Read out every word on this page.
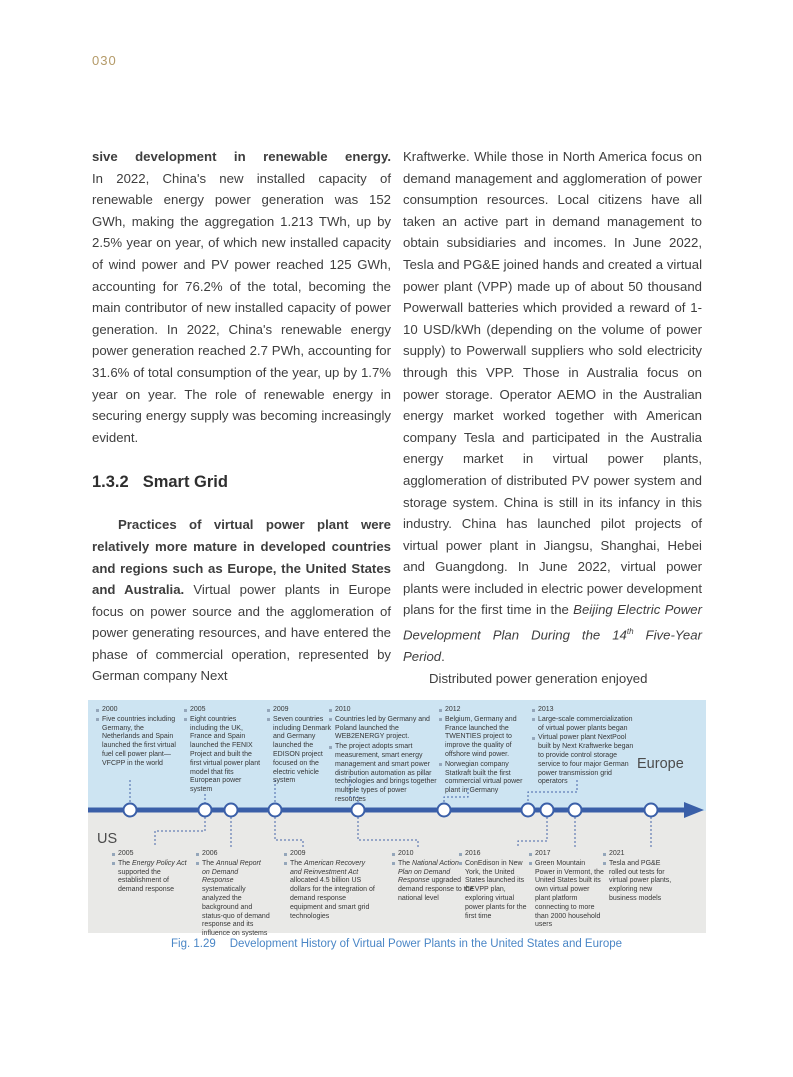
030

sive development in renewable energy.
In 2022, China's new installed capacity of renewable energy power generation was 152 GWh, making the aggregation 1.213 TWh, up by 2.5% year on year, of which new installed capacity of wind power and PV power reached 125 GWh, accounting for 76.2% of the total, becoming the main contributor of new installed capacity of power generation. In 2022, China's renewable energy power generation reached 2.7 PWh, accounting for 31.6% of total consumption of the year, up by 1.7% year on year. The role of renewable energy in securing energy supply was becoming increasingly evident.

1.3.2 Smart Grid

Practices of virtual power plant were relatively more mature in developed countries and regions such as Europe, the United States and Australia. Virtual power plants in Europe focus on power source and the agglomeration of power generating resources, and have entered the phase of commercial operation, represented by German company Next

Kraftwerke. While those in North America focus on demand management and agglomeration of power consumption resources. Local citizens have all taken an active part in demand management to obtain subsidiaries and incomes. In June 2022, Tesla and PG&E joined hands and created a virtual power plant (VPP) made up of about 50 thousand Powerwall batteries which provided a reward of 1-10 USD/kWh (depending on the volume of power supply) to Powerwall suppliers who sold electricity through this VPP. Those in Australia focus on power storage. Operator AEMO in the Australian energy market worked together with American company Tesla and participated in the Australia energy market in virtual power plants, agglomeration of distributed PV power system and storage system. China is still in its infancy in this industry. China has launched pilot projects of virtual power plant in Jiangsu, Shanghai, Hebei and Guangdong. In June 2022, virtual power plants were included in electric power development plans for the first time in the Beijing Electric Power Development Plan During the 14th Five-Year Period.

Distributed power generation enjoyed

Europe
US
2000
Five countries including Germany, the Netherlands and Spain launched the first virtual fuel cell power plant—VFCPP in the world
2005
Eight countries including the UK, France and Spain launched the FENIX Project and built the first virtual power plant model that fits European power system
2009
Seven countries including Denmark and Germany launched the EDISON project focused on the electric vehicle system
2010
Countries led by Germany and Poland launched the WEB2ENERGY project.
The project adopts smart measurement, smart energy management and smart power distribution automation as pillar technologies and brings together multiple types of power resources
2012
Belgium, Germany and France launched the TWENTIES project to improve the quality of offshore wind power.
Norwegian company Statkraft built the first commercial virtual power plant in Germany
2013
Large-scale commercialization of virtual power plants began
Virtual power plant NextPool built by Next Kraftwerke began to provide control storage service to four major German power transmission grid operators
2005
The Energy Policy Act supported the establishment of demand response
2006
The Annual Report on Demand Response systematically analyzed the background and status-quo of demand response and its influence on systems
2009
The American Recovery and Reinvestment Act allocated 4.5 billion US dollars for the integration of demand response equipment and smart grid technologies
2010
The National Action Plan on Demand Response upgraded demand response to the national level
2016
ConEdison in New York, the United States launched its CEVPP plan, exploring virtual power plants for the first time
2017
Green Mountain Power in Vermont, the United States built its own virtual power plant platform connecting to more than 2000 household users
2021
Tesla and PG&E rolled out tests for virtual power plants, exploring new business models
Fig. 1.29 Development History of Virtual Power Plants in the United States and Europe
